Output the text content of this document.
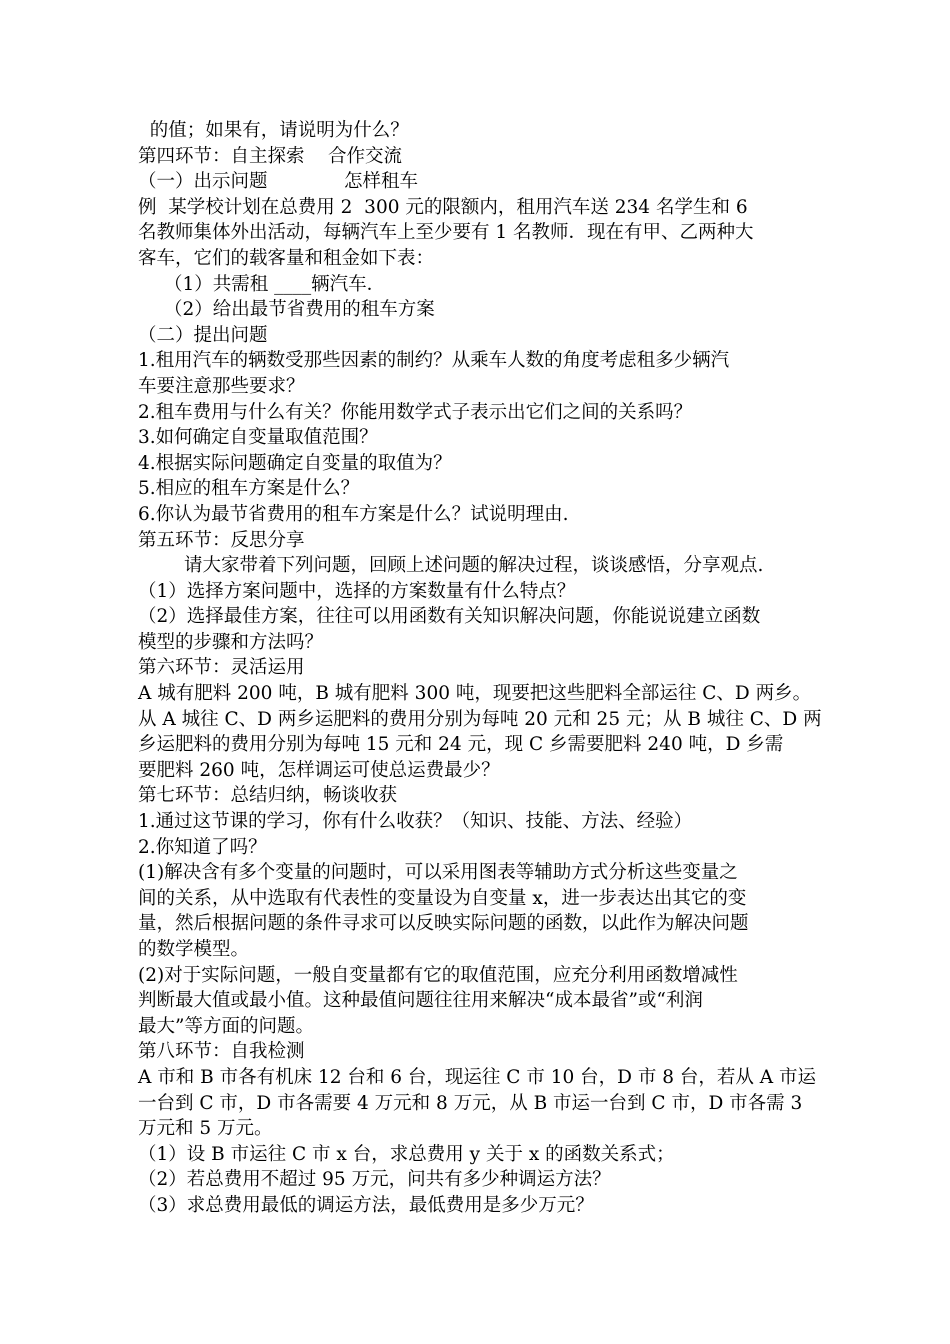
的值；如果有，请说明为什么？
第四环节：自主探索    合作交流
（一）出示问题             怎样租车
例  某学校计划在总费用 2  300 元的限额内，租用汽车送 234 名学生和 6
名教师集体外出活动，每辆汽车上至少要有 1 名教师．现在有甲、乙两种大
客车，它们的载客量和租金如下表：
（1）共需租 ____辆汽车．
（2）给出最节省费用的租车方案
（二）提出问题
1.租用汽车的辆数受那些因素的制约？从乘车人数的角度考虑租多少辆汽
车要注意那些要求？
2.租车费用与什么有关？你能用数学式子表示出它们之间的关系吗？
3.如何确定自变量取值范围？
4.根据实际问题确定自变量的取值为？
5.相应的租车方案是什么？
6.你认为最节省费用的租车方案是什么？试说明理由.
第五环节：反思分享
请大家带着下列问题，回顾上述问题的解决过程，谈谈感悟，分享观点.
（1）选择方案问题中，选择的方案数量有什么特点？
（2）选择最佳方案，往往可以用函数有关知识解决问题，你能说说建立函数
模型的步骤和方法吗？
第六环节：灵活运用
A 城有肥料 200 吨，B 城有肥料 300 吨，现要把这些肥料全部运往 C、D 两乡。
从 A 城往 C、D 两乡运肥料的费用分别为每吨 20 元和 25 元；从 B 城往 C、D 两
乡运肥料的费用分别为每吨 15 元和 24 元，现 C 乡需要肥料 240 吨，D 乡需
要肥料 260 吨，怎样调运可使总运费最少？
第七环节：总结归纳，畅谈收获
1.通过这节课的学习，你有什么收获？（知识、技能、方法、经验）
2.你知道了吗？
(1)解决含有多个变量的问题时，可以采用图表等辅助方式分析这些变量之
间的关系，从中选取有代表性的变量设为自变量 x，进一步表达出其它的变
量，然后根据问题的条件寻求可以反映实际问题的函数，以此作为解决问题
的数学模型。
(2)对于实际问题，一般自变量都有它的取值范围，应充分利用函数增减性
判断最大值或最小值。这种最值问题往往用来解决“成本最省”或“利润
最大”等方面的问题。
第八环节：自我检测
A 市和 B 市各有机床 12 台和 6 台，现运往 C 市 10 台，D 市 8 台，若从 A 市运
一台到 C 市，D 市各需要 4 万元和 8 万元，从 B 市运一台到 C 市，D 市各需 3
万元和 5 万元。
（1）设 B 市运往 C 市 x 台，求总费用 y 关于 x 的函数关系式；
（2）若总费用不超过 95 万元，问共有多少种调运方法？
（3）求总费用最低的调运方法，最低费用是多少万元？
